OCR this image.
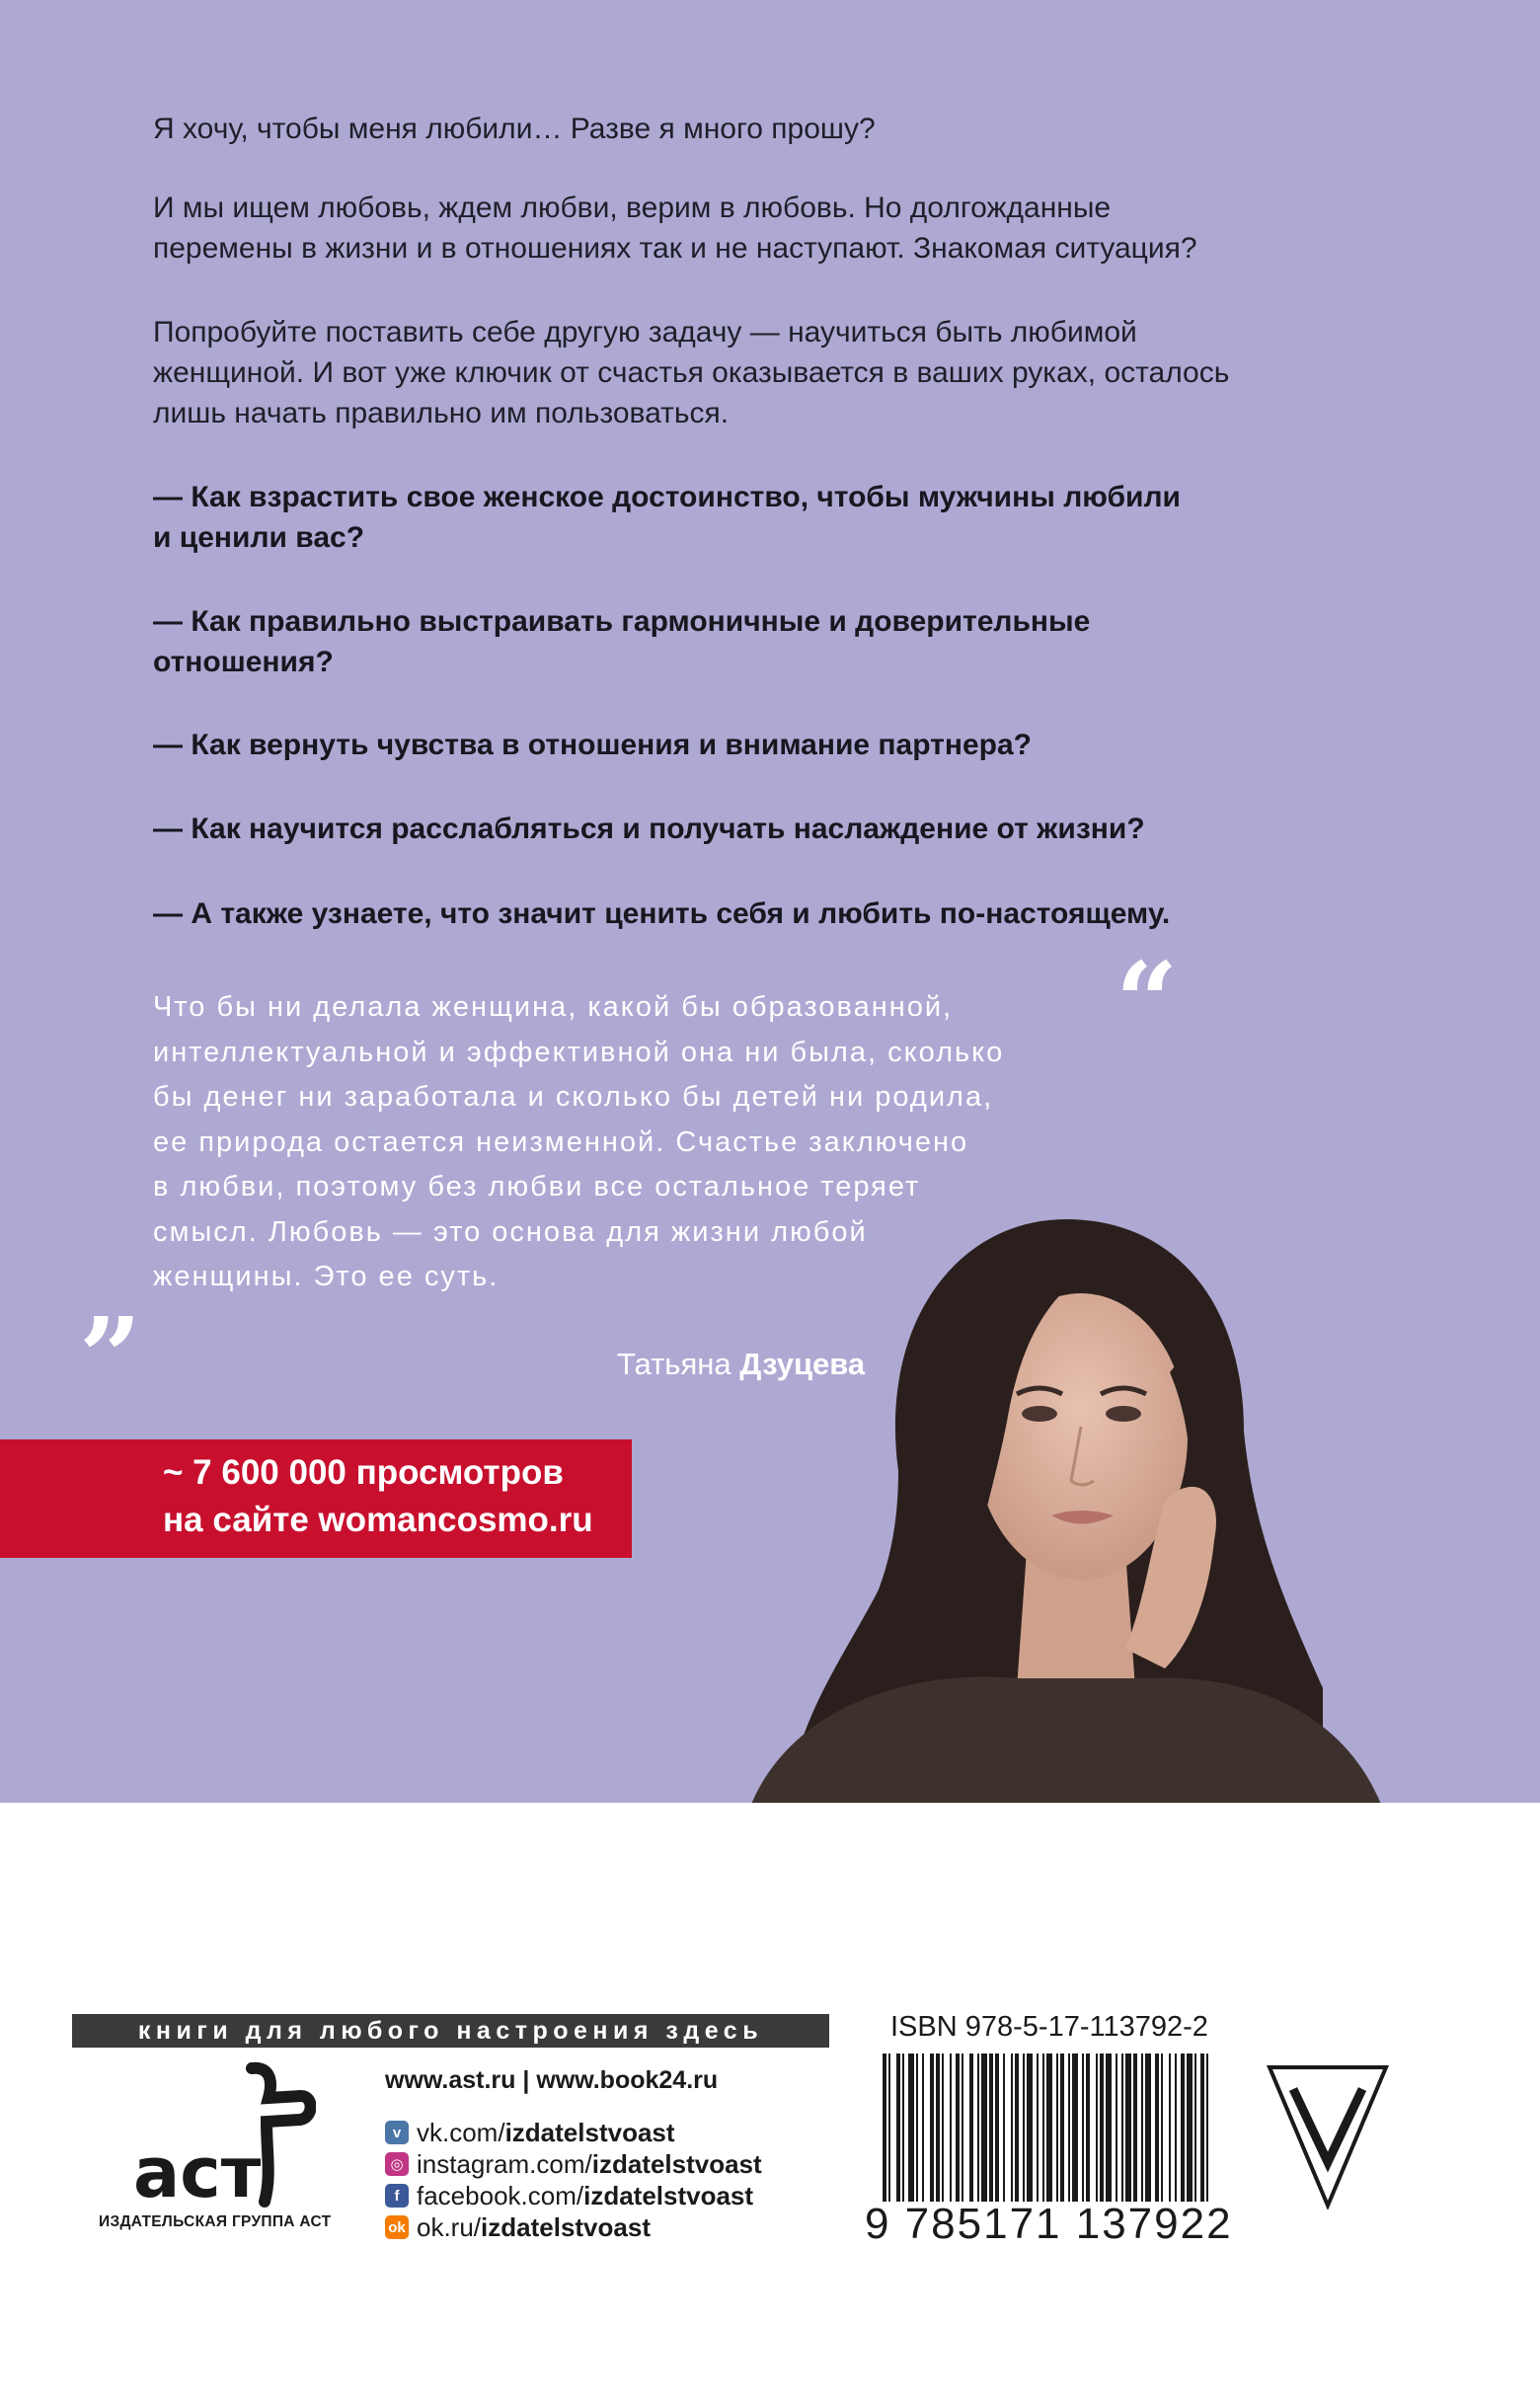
Я хочу, чтобы меня любили… Разве я много прошу?

И мы ищем любовь, ждем любви, верим в любовь. Но долгожданные
перемены в жизни и в отношениях так и не наступают. Знакомая ситуация?

Попробуйте поставить себе другую задачу — научиться быть любимой
женщиной. И вот уже ключик от счастья оказывается в ваших руках, осталось
лишь начать правильно им пользоваться.

— Как взрастить свое женское достоинство, чтобы мужчины любили
и ценили вас?

— Как правильно выстраивать гармоничные и доверительные
отношения?

— Как вернуть чувства в отношения и внимание партнера?

— Как научится расслабляться и получать наслаждение от жизни?

— А также узнаете, что значит ценить себя и любить по-настоящему.

“

Что бы ни делала женщина, какой бы образованной,
интеллектуальной и эффективной она ни была, сколько
бы денег ни заработала и сколько бы детей ни родила,
ее природа остается неизменной. Счастье заключено
в любви, поэтому без любви все остальное теряет
смысл. Любовь — это основа для жизни любой
женщины. Это ее суть.

”	Татьяна Дзуцева

~ 7 600 000 просмотров

на сайте womancosmo.ru

книги для любого настроения здесь
аст
ИЗДАТЕЛЬСКАЯ ГРУППА АСТ
www.ast.ru | www.book24.ru
v vk.com/ izdatelstvoast
◎ instagram.com/ izdatelstvoast
f facebook.com/ izdatelstvoast
ok ok.ru/ izdatelstvoast
ISBN 978-5-17-113792-2
9 785171 137922
